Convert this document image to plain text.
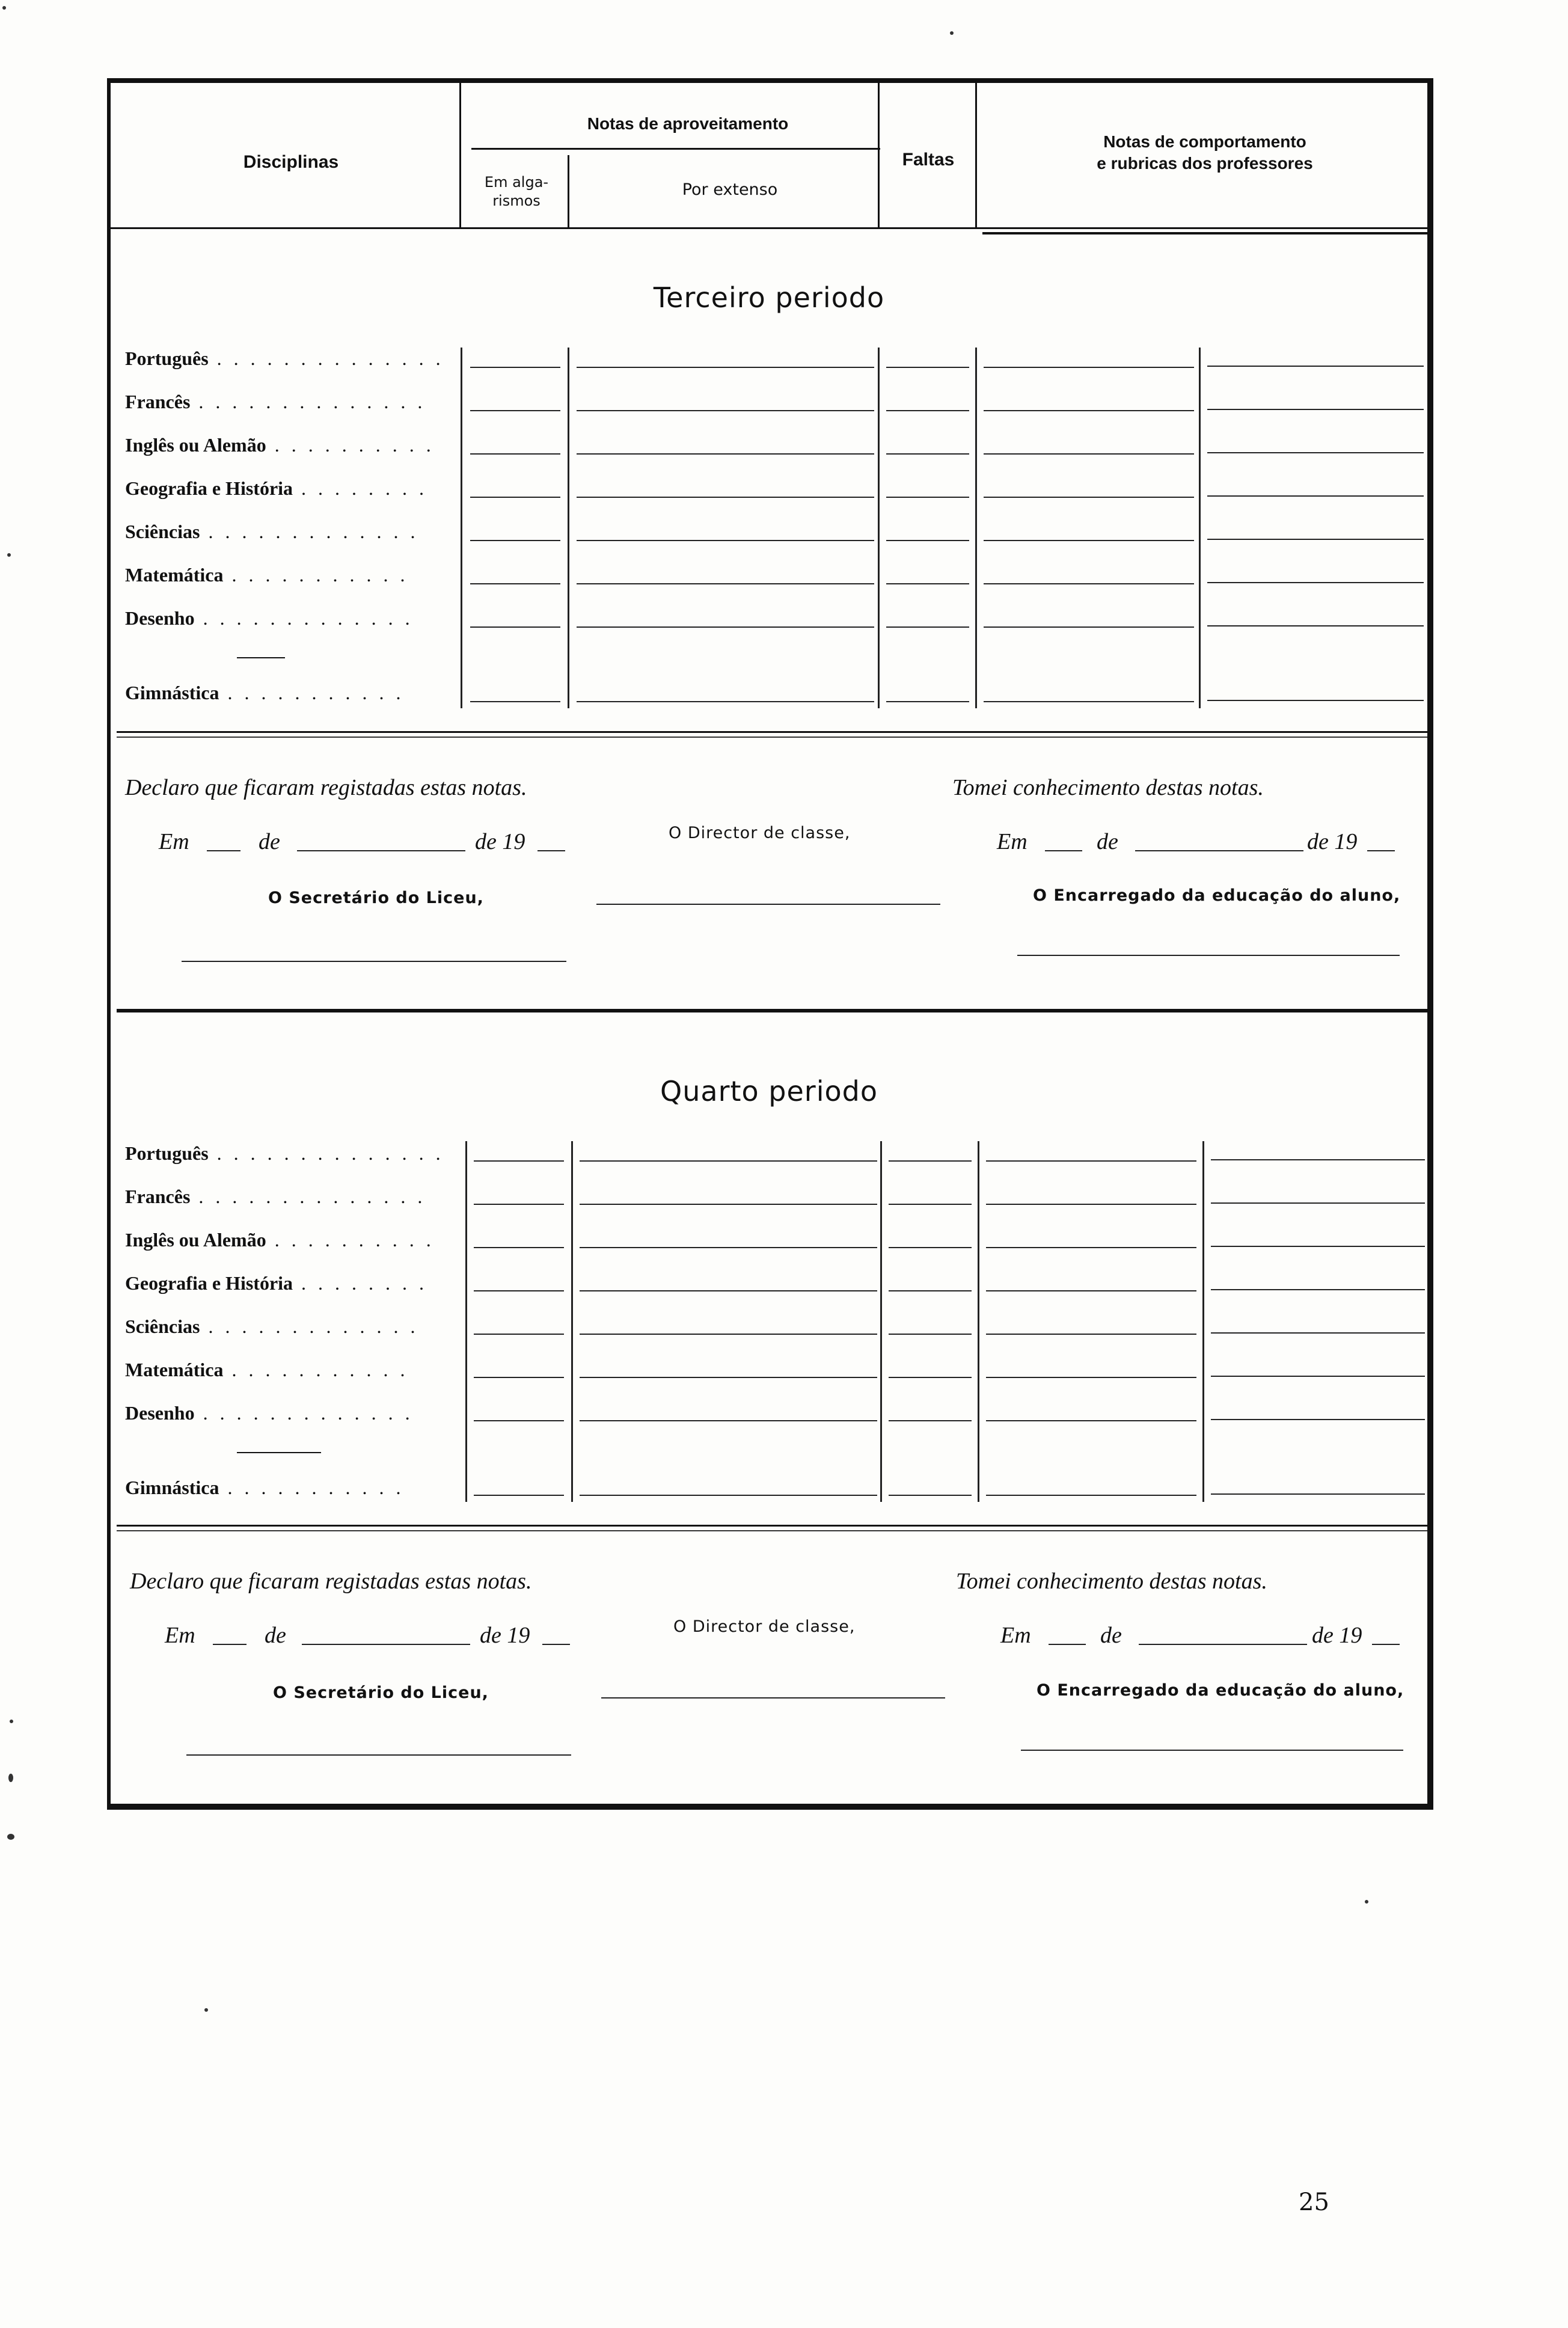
Disciplinas
Notas de aproveitamento
Em alga-
rismos
Por extenso
Faltas
Notas de comportamento
e rubricas dos professores
Terceiro periodo
Português . . . . . . . . . . . . . .
Francês . . . . . . . . . . . . . .
Inglês ou Alemão . . . . . . . . . .
Geografia e História . . . . . . . .
Sciências . . . . . . . . . . . . .
Matemática . . . . . . . . . . .
Desenho . . . . . . . . . . . . .
Gimnástica . . . . . . . . . . .
Declaro que ficaram registadas estas notas.
Em	de	de 19
O Secretário do Liceu,
O Director de classe,
Tomei conhecimento destas notas.
Em	de	de 19
O Encarregado da educação do aluno,
Quarto periodo
Português . . . . . . . . . . . . . .
Francês . . . . . . . . . . . . . .
Inglês ou Alemão . . . . . . . . . .
Geografia e História . . . . . . . .
Sciências . . . . . . . . . . . . .
Matemática . . . . . . . . . . .
Desenho . . . . . . . . . . . . .
Gimnástica . . . . . . . . . . .
Declaro que ficaram registadas estas notas.
Em	de	de 19
O Secretário do Liceu,
O Director de classe,
Tomei conhecimento destas notas.
Em	de	de 19
O Encarregado da educação do aluno,
25
